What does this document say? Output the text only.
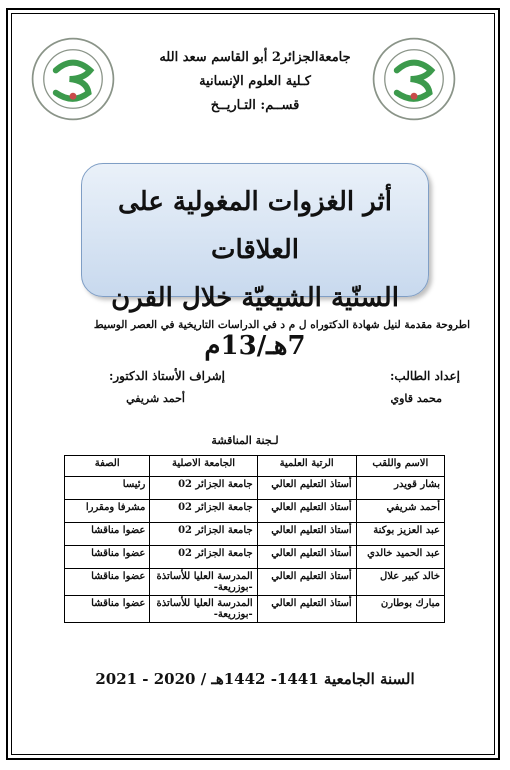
جامعةالجزائر2 أبو القاسم سعد الله
كـلية العلوم الإنسانية
قســم: التـاريــخ
أثر الغزوات المغولية على العلاقات
السنّية الشيعيّة خلال القرن 7هـ/13م
اطروحة مقدمة لنيل شهادة الدكتوراه ل م د في الدراسات التاريخية في العصر الوسيط
إعداد الطالب:
محمد قاوي
إشراف الأستاذ الدكتور:
أحمد شريفي
لـجنة المناقشة
الاسم واللقب	الرتبة العلمية	الجامعة الاصلية	الصفة
بشار قويدر	أستاذ التعليم العالي	جامعة الجزائر 02	رئيسا
أحمد شريفي	أستاذ التعليم العالي	جامعة الجزائر 02	مشرفا ومقررا
عبد العزيز بوكنة	أستاذ التعليم العالي	جامعة الجزائر 02	عضوا مناقشا
عبد الحميد خالدي	أستاذ التعليم العالي	جامعة الجزائر 02	عضوا مناقشا
خالد كبير علال	أستاذ التعليم العالي	المدرسة العليا للأساتذة -بوزريعة-	عضوا مناقشا
مبارك بوطارن	أستاذ التعليم العالي	المدرسة العليا للأساتذة -بوزريعة-	عضوا مناقشا
السنة الجامعية 1441- 1442هـ / 2020 - 2021
